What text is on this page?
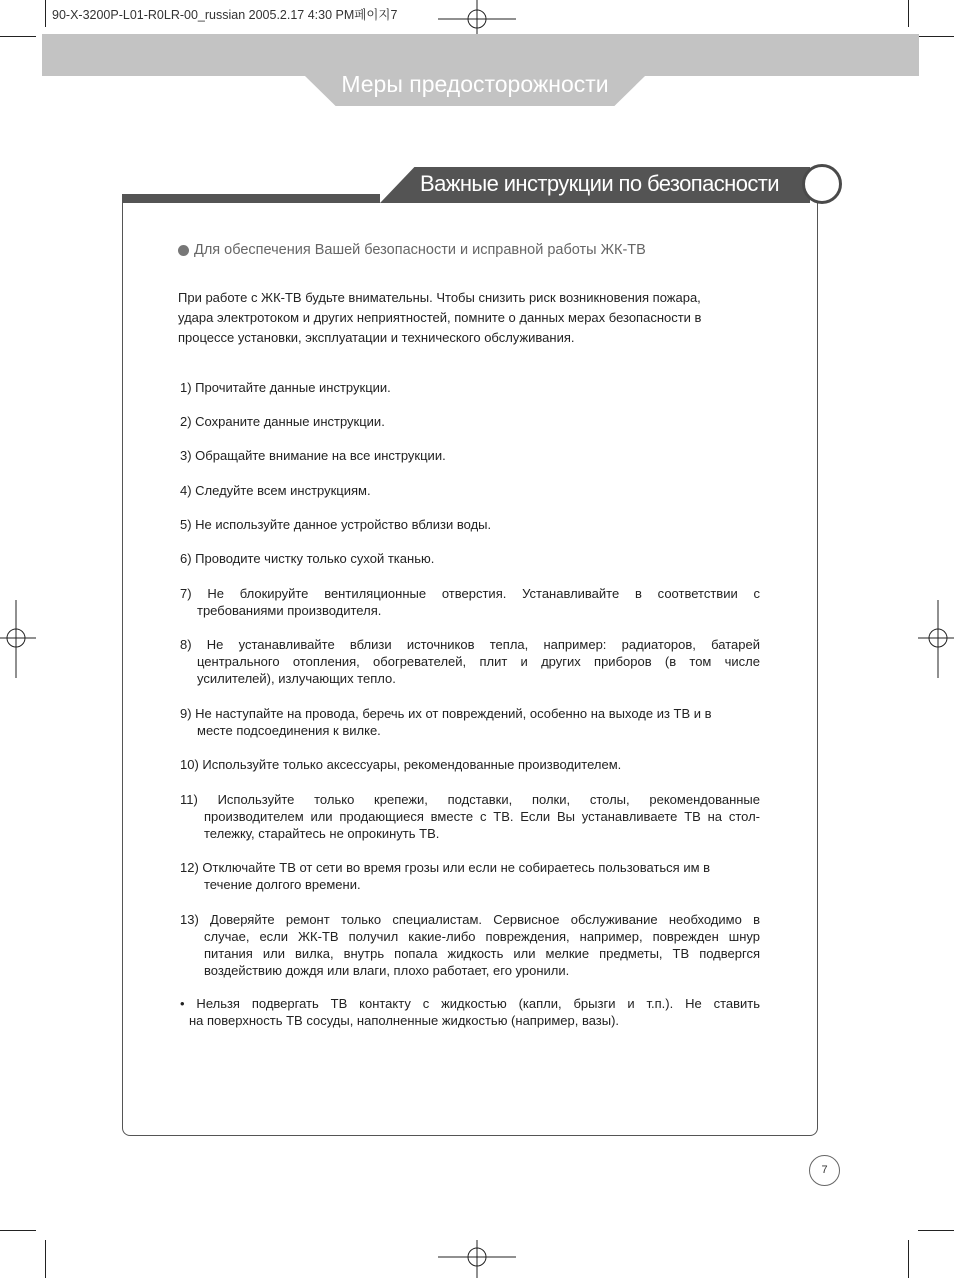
90-X-3200P-L01-R0LR-00_russian 2005.2.17 4:30 PM페이지7
Меры предосторожности
Важные инструкции по безопасности
Для обеспечения Вашей безопасности и исправной работы ЖК-ТВ
При работе с ЖК-ТВ будьте внимательны. Чтобы снизить риск возникновения пожара,
удара электротоком и других неприятностей, помните о данных мерах безопасности в
процессе установки, эксплуатации и технического обслуживания.
1) Прочитайте данные инструкции.
2) Сохраните данные инструкции.
3) Обращайте внимание на все инструкции.
4) Следуйте всем инструкциям.
5) Не используйте данное устройство вблизи воды.
6) Проводите чистку только сухой тканью.
7) Не блокируйте вентиляционные отверстия. Устанавливайте в соответствии с
требованиями производителя.
8) Не устанавливайте вблизи источников тепла, например: радиаторов, батарей
центрального отопления, обогревателей, плит и других приборов (в том числе
усилителей), излучающих тепло.
9) Не наступайте на провода, беречь их от повреждений, особенно на выходе из ТВ и в
месте подсоединения к вилке.
10) Используйте только аксессуары, рекомендованные производителем.
11) Используйте только крепежи, подставки, полки, столы, рекомендованные
производителем или продающиеся вместе с ТВ. Если Вы устанавливаете ТВ на стол-
тележку, старайтесь не опрокинуть ТВ.
12) Отключайте ТВ от сети во время грозы или если не собираетесь пользоваться им в
течение долгого времени.
13) Доверяйте ремонт только специалистам. Сервисное обслуживание необходимо в
случае, если ЖК-ТВ получил какие-либо повреждения, например, поврежден шнур
питания или вилка, внутрь попала жидкость или мелкие предметы, ТВ подвергся
воздействию дождя или влаги, плохо работает, его уронили.
• Нельзя подвергать ТВ контакту с жидкостью (капли, брызги и т.п.). Не ставить
на поверхность ТВ сосуды, наполненные жидкостью (например, вазы).
7
